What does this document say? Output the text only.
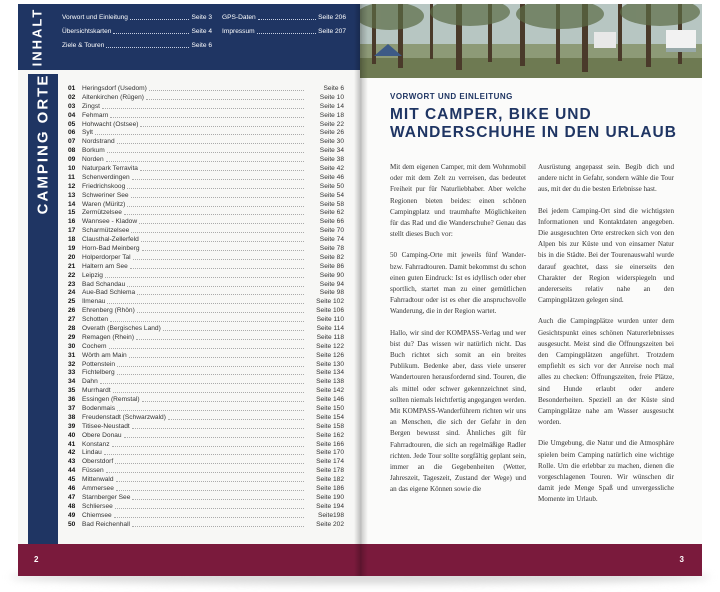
INHALT	Vorwort und Einleitung	Seite 3
Übersichtskarten	Seite 4
Ziele & Touren	Seite 6
GPS-Daten	Seite 206
Impressum	Seite 207
CAMPING ORTE	01	Heringsdorf (Usedom)	Seite 6
02	Altenkirchen (Rügen)	Seite 10
03	Zingst	Seite 14
04	Fehmarn	Seite 18
05	Hohwacht (Ostsee)	Seite 22
06	Sylt	Seite 26
07	Nordstrand	Seite 30
08	Borkum	Seite 34
09	Norden	Seite 38
10	Naturpark Terravita	Seite 42
11	Schenverdingen	Seite 46
12	Friedrichskoog	Seite 50
13	Schweriner See	Seite 54
14	Waren (Müritz)	Seite 58
15	Zermützelsee	Seite 62
16	Wannsee - Kladow	Seite 66
17	Scharmützelsee	Seite 70
18	Clausthal-Zellerfeld	Seite 74
19	Horn-Bad Meinberg	Seite 78
20	Holperdorper Tal	Seite 82
21	Haltern am See	Seite 86
22	Leipzig	Seite 90
23	Bad Schandau	Seite 94
24	Aue-Bad Schlema	Seite 98
25	Ilmenau	Seite 102
26	Ehrenberg (Rhön)	Seite 106
27	Schotten	Seite 110
28	Overath (Bergisches Land)	Seite 114
29	Remagen (Rhein)	Seite 118
30	Cochem	Seite 122
31	Wörth am Main	Seite 126
32	Pottenstein	Seite 130
33	Fichtelberg	Seite 134
34	Dahn	Seite 138
35	Murrhardt	Seite 142
36	Essingen (Remstal)	Seite 146
37	Bodenmais	Seite 150
38	Freudenstadt (Schwarzwald)	Seite 154
39	Titisee-Neustadt	Seite 158
40	Obere Donau	Seite 162
41	Konstanz	Seite 166
42	Lindau	Seite 170
43	Oberstdorf	Seite 174
44	Füssen	Seite 178
45	Mittenwald	Seite 182
46	Ammersee	Seite 186
47	Starnberger See	Seite 190
48	Schliersee	Seite 194
49	Chiemsee	Seite198
50	Bad Reichenhall	Seite 202
2
VORWORT UND EINLEITUNG
MIT CAMPER, BIKE UND
WANDERSCHUHE IN DEN URLAUB

Mit dem eigenen Camper, mit dem Wohnmobil oder mit dem Zelt zu verreisen, das bedeutet Freiheit pur für Naturliebhaber. Aber welche Regionen bieten beides: einen schönen Campingplatz und traumhafte Möglichkeiten für das Rad und die Wanderschuhe? Genau das stellt dieses Buch vor:

50 Camping-Orte mit jeweils fünf Wander- bzw. Fahrradtouren. Damit bekommst du schon einen guten Eindruck: Ist es idyllisch oder eher sportlich, startet man zu einer gemütlichen Fahrradtour oder ist es eher die anspruchsvolle Wanderung, die in der Region wartet.

Hallo, wir sind der KOMPASS-Verlag und wer bist du? Das wissen wir natürlich nicht. Das Buch richtet sich somit an ein breites Publikum. Bedenke aber, dass viele unserer Wandertouren herausfordernd sind. Touren, die als mittel oder schwer gekennzeichnet sind, sollten niemals leichtfertig angegangen werden. Mit KOMPASS-Wanderführern richten wir uns an Menschen, die sich der Gefahr in den Bergen bewusst sind. Ähnliches gilt für Fahrradtouren, die sich an regelmäßige Radler richten. Jede Tour sollte sorgfältig geplant sein, immer an die Gegebenheiten (Wetter, Jahreszeit, Tageszeit, Zustand der Wege) und an das eigene Können sowie die

Ausrüstung angepasst sein. Begib dich und andere nicht in Gefahr, sondern wähle die Tour aus, mit der du die besten Erlebnisse hast.

Bei jedem Camping-Ort sind die wichtigsten Informationen und Kontaktdaten angegeben. Die ausgesuchten Orte erstrecken sich von den Alpen bis zur Küste und von einsamer Natur bis in die Städte. Bei der Tourenauswahl wurde darauf geachtet, dass sie einerseits den Charakter der Region widerspiegeln und andererseits relativ nahe an den Campingplätzen gelegen sind.

Auch die Campingplätze wurden unter dem Gesichtspunkt eines schönen Naturerlebnisses ausgesucht. Meist sind die Öffnungszeiten bei den Campingplätzen angeführt. Trotzdem empfiehlt es sich vor der Anreise noch mal alles zu checken: Öffnungszeiten, freie Plätze, sind Hunde erlaubt oder andere Besonderheiten. Speziell an der Küste sind Campingplätze nahe am Wasser ausgesucht worden.

Die Umgebung, die Natur und die Atmosphäre spielen beim Camping natürlich eine wichtige Rolle. Um die erlebbar zu machen, dienen die vorgeschlagenen Touren. Wir wünschen dir damit jede Menge Spaß und unvergessliche Momente im Urlaub.

3
